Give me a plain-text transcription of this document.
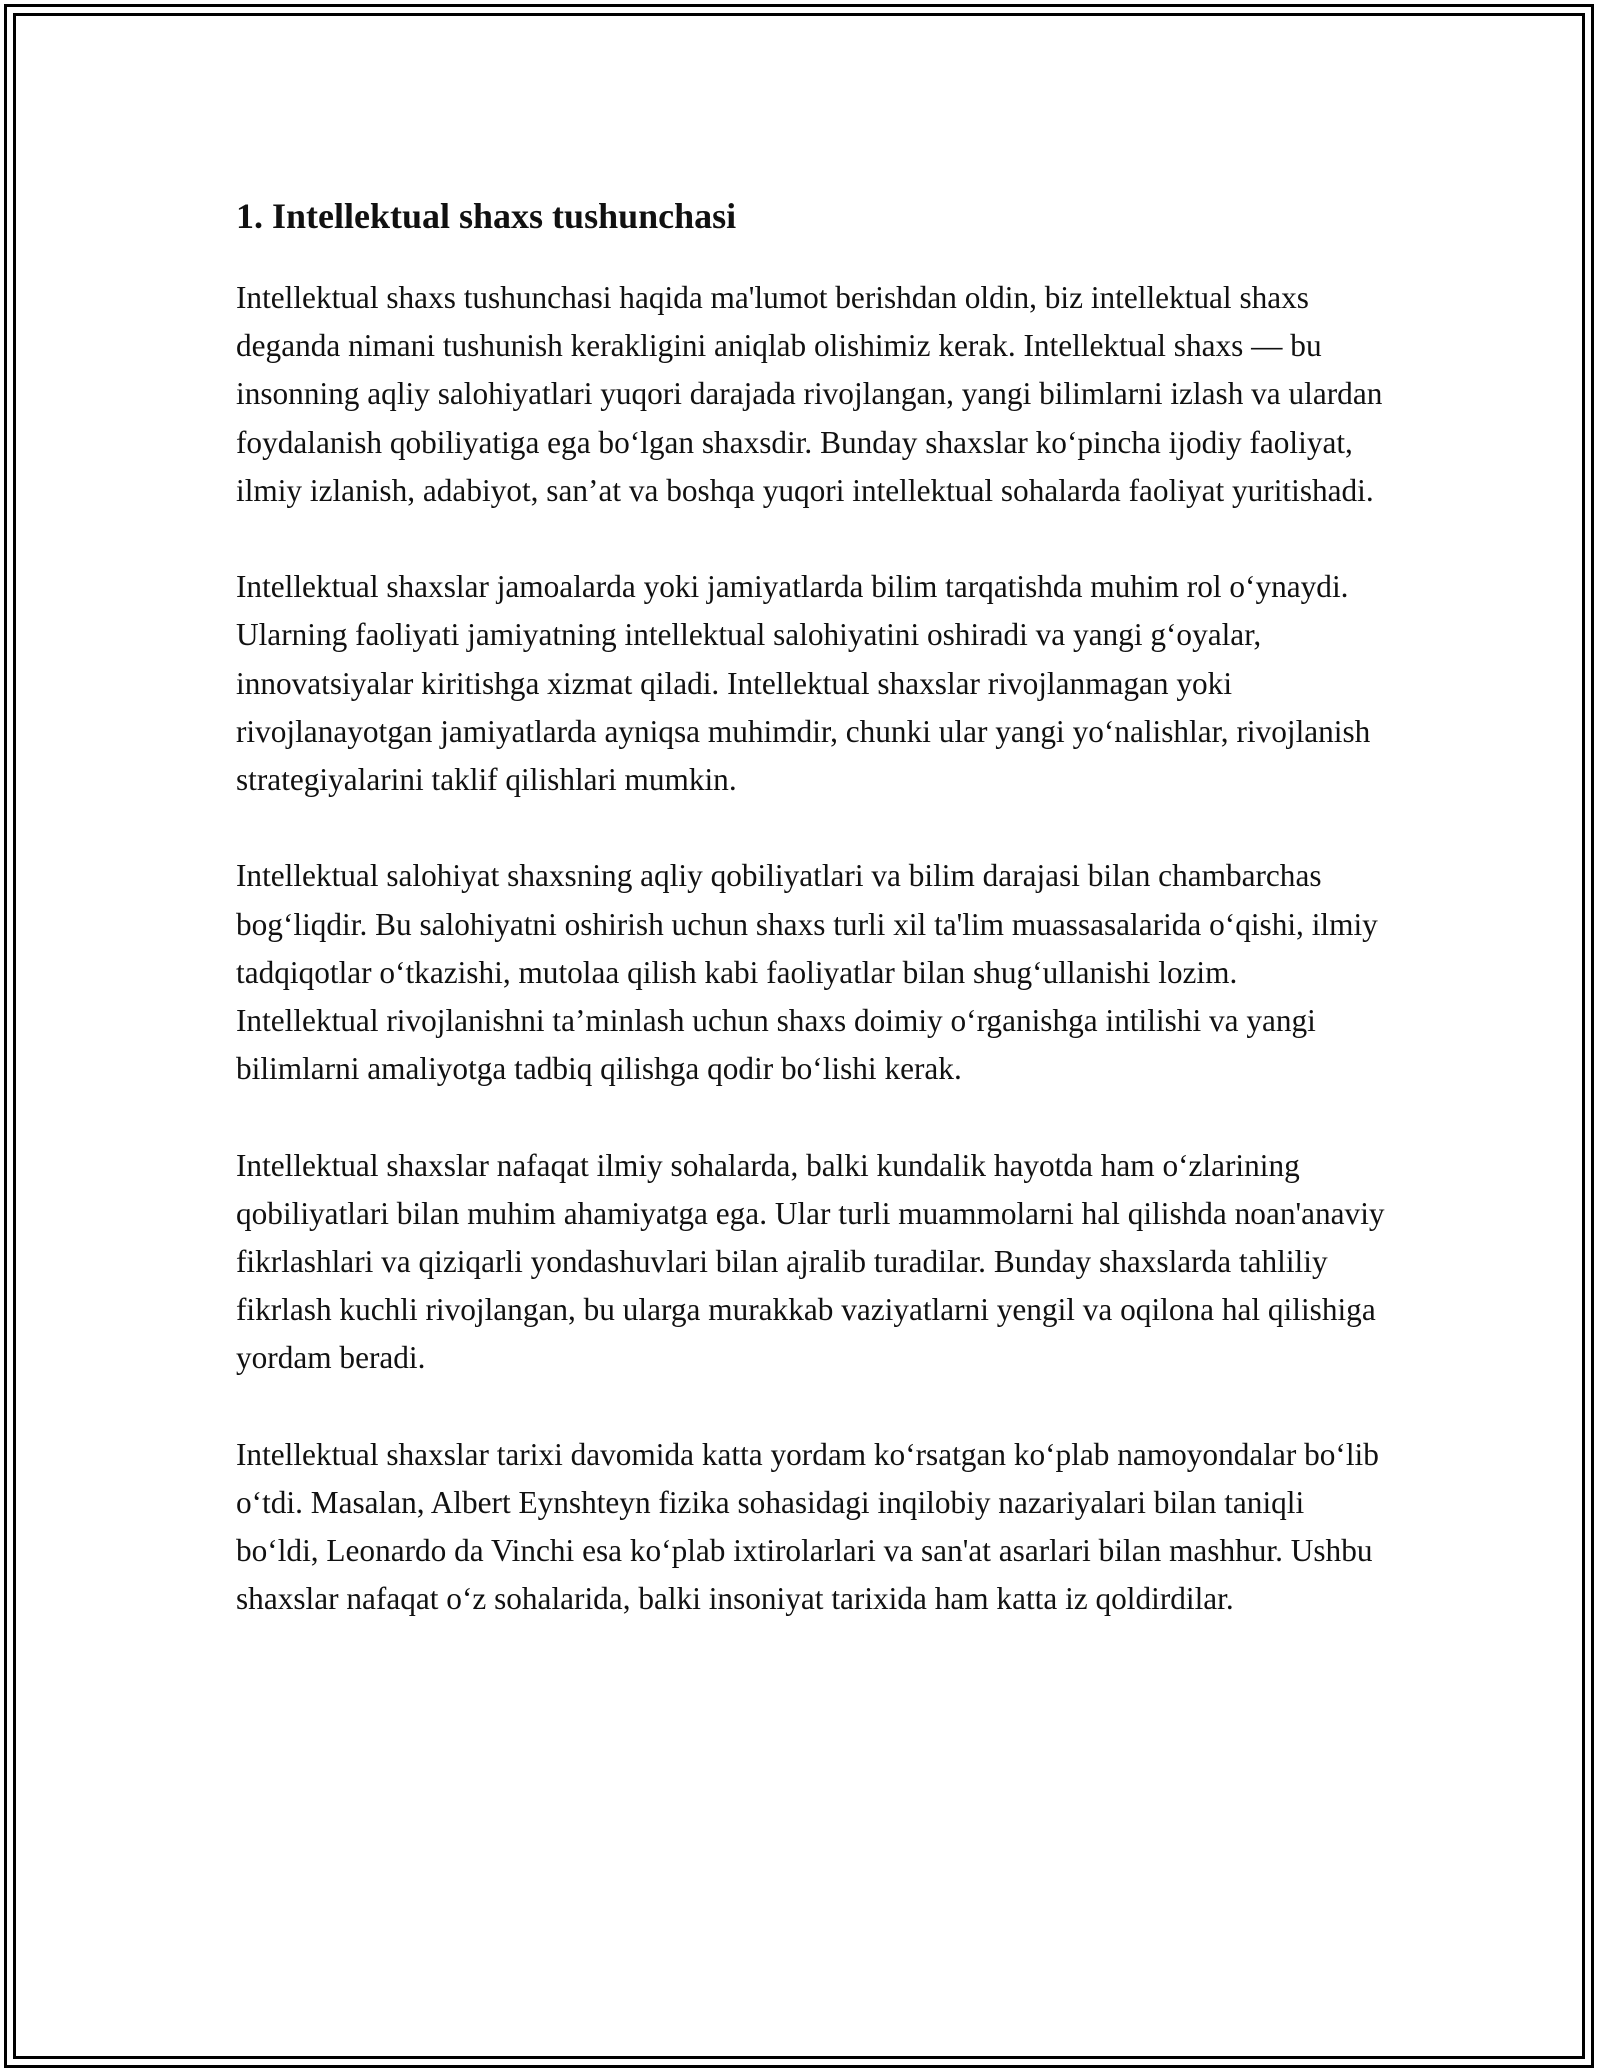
1. Intellektual shaxs tushunchasi

Intellektual shaxs tushunchasi haqida ma'lumot berishdan oldin, biz intellektual shaxs deganda nimani tushunish kerakligini aniqlab olishimiz kerak. Intellektual shaxs — bu insonning aqliy salohiyatlari yuqori darajada rivojlangan, yangi bilimlarni izlash va ulardan foydalanish qobiliyatiga ega bo‘lgan shaxsdir. Bunday shaxslar ko‘pincha ijodiy faoliyat, ilmiy izlanish, adabiyot, san’at va boshqa yuqori intellektual sohalarda faoliyat yuritishadi.

Intellektual shaxslar jamoalarda yoki jamiyatlarda bilim tarqatishda muhim rol o‘ynaydi. Ularning faoliyati jamiyatning intellektual salohiyatini oshiradi va yangi g‘oyalar, innovatsiyalar kiritishga xizmat qiladi. Intellektual shaxslar rivojlanmagan yoki rivojlanayotgan jamiyatlarda ayniqsa muhimdir, chunki ular yangi yo‘nalishlar, rivojlanish strategiyalarini taklif qilishlari mumkin.

Intellektual salohiyat shaxsning aqliy qobiliyatlari va bilim darajasi bilan chambarchas bog‘liqdir. Bu salohiyatni oshirish uchun shaxs turli xil ta'lim muassasalarida o‘qishi, ilmiy tadqiqotlar o‘tkazishi, mutolaa qilish kabi faoliyatlar bilan shug‘ullanishi lozim. Intellektual rivojlanishni ta’minlash uchun shaxs doimiy o‘rganishga intilishi va yangi bilimlarni amaliyotga tadbiq qilishga qodir bo‘lishi kerak.

Intellektual shaxslar nafaqat ilmiy sohalarda, balki kundalik hayotda ham o‘zlarining qobiliyatlari bilan muhim ahamiyatga ega. Ular turli muammolarni hal qilishda noan'anaviy fikrlashlari va qiziqarli yondashuvlari bilan ajralib turadilar. Bunday shaxslarda tahliliy fikrlash kuchli rivojlangan, bu ularga murakkab vaziyatlarni yengil va oqilona hal qilishiga yordam beradi.

Intellektual shaxslar tarixi davomida katta yordam ko‘rsatgan ko‘plab namoyondalar bo‘lib o‘tdi. Masalan, Albert Eynshteyn fizika sohasidagi inqilobiy nazariyalari bilan taniqli bo‘ldi, Leonardo da Vinchi esa ko‘plab ixtirolarlari va san'at asarlari bilan mashhur. Ushbu shaxslar nafaqat o‘z sohalarida, balki insoniyat tarixida ham katta iz qoldirdilar.
